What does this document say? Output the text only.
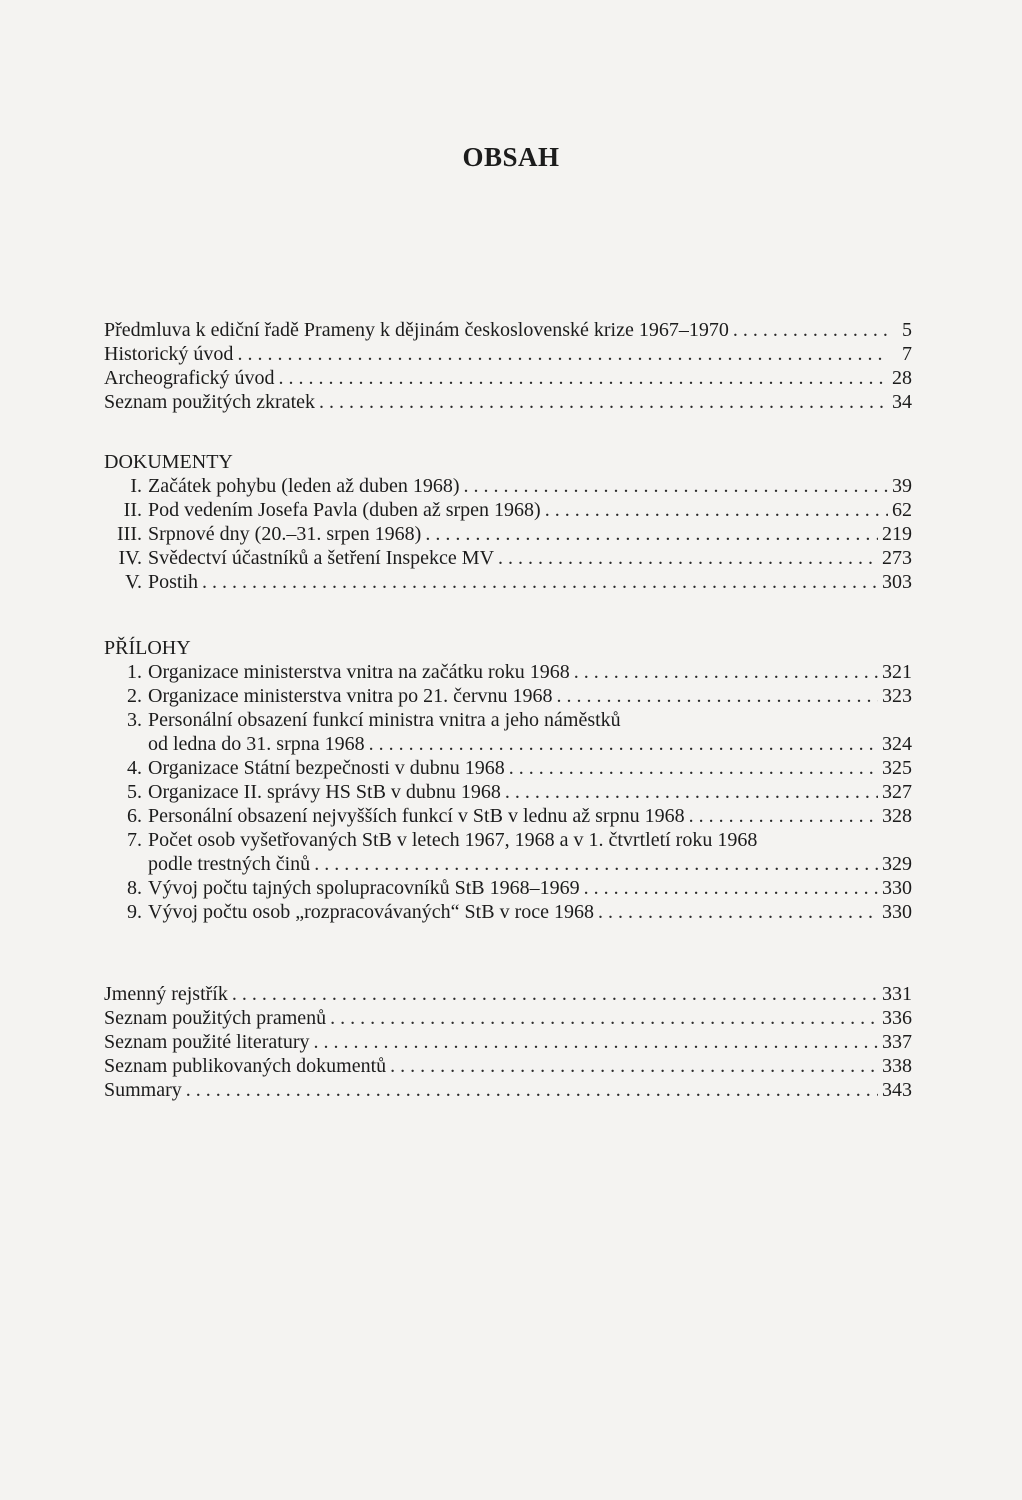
OBSAH
Předmluva k ediční řadě Prameny k dějinám československé krize 1967–1970 . . .	5
Historický úvod . . .	7
Archeografický úvod . . .	28
Seznam použitých zkratek . . .	34
DOKUMENTY
I. Začátek pohybu (leden až duben 1968) . . .	39
II. Pod vedením Josefa Pavla (duben až srpen 1968) . . .	62
III. Srpnové dny (20.–31. srpen 1968) . . .	219
IV. Svědectví účastníků a šetření Inspekce MV . . .	273
V. Postih . . .	303
PŘÍLOHY
1. Organizace ministerstva vnitra na začátku roku 1968 . . .	321
2. Organizace ministerstva vnitra po 21. červnu 1968 . . .	323
3. Personální obsazení funkcí ministra vnitra a jeho náměstků
od ledna do 31. srpna 1968 . . .	324
4. Organizace Státní bezpečnosti v dubnu 1968 . . .	325
5. Organizace II. správy HS StB v dubnu 1968 . . .	327
6. Personální obsazení nejvyšších funkcí v StB v lednu až srpnu 1968 . . .	328
7. Počet osob vyšetřovaných StB v letech 1967, 1968 a v 1. čtvrtletí roku 1968
podle trestných činů . . .	329
8. Vývoj počtu tajných spolupracovníků StB 1968–1969 . . .	330
9. Vývoj počtu osob „rozpracovávaných“ StB v roce 1968 . . .	330
Jmenný rejstřík . . .	331
Seznam použitých pramenů . . .	336
Seznam použité literatury . . .	337
Seznam publikovaných dokumentů . . .	338
Summary . . .	343
